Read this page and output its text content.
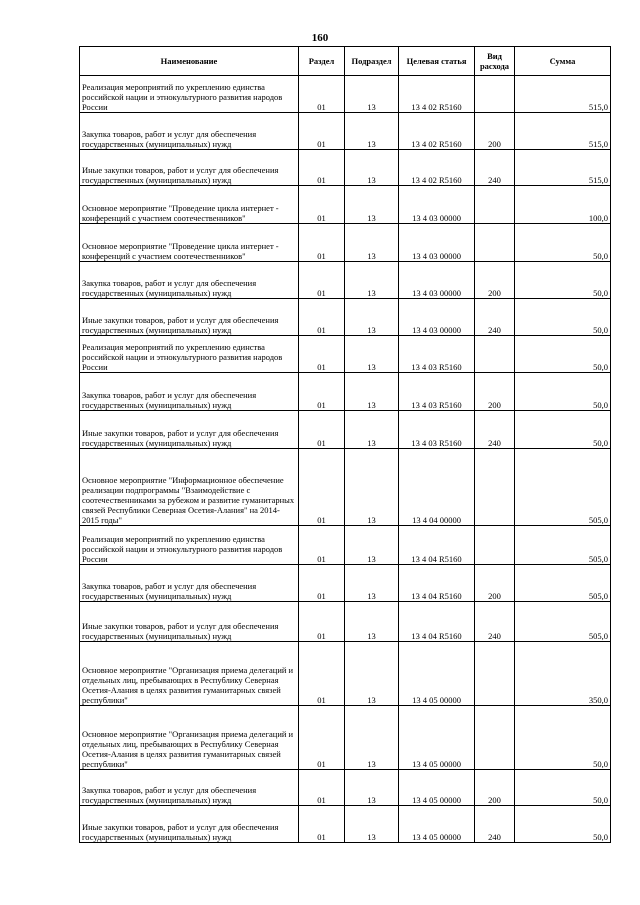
160
Наименование	Раздел	Подраздел	Целевая статья	Вид расхода	Сумма
Реализация мероприятий по укреплению единства российской нации и этнокультурного развития народов России	01	13	13 4 02 R5160		515,0
Закупка товаров, работ и услуг для обеспечения государственных (муниципальных) нужд	01	13	13 4 02 R5160	200	515,0
Иные закупки товаров, работ и услуг для обеспечения государственных (муниципальных) нужд	01	13	13 4 02 R5160	240	515,0
Основное мероприятие "Проведение цикла интернет - конференций с участием соотечественников"	01	13	13 4 03 00000		100,0
Основное мероприятие "Проведение цикла интернет - конференций с участием соотечественников"	01	13	13 4 03 00000		50,0
Закупка товаров, работ и услуг для обеспечения государственных (муниципальных) нужд	01	13	13 4 03 00000	200	50,0
Иные закупки товаров, работ и услуг для обеспечения государственных (муниципальных) нужд	01	13	13 4 03 00000	240	50,0
Реализация мероприятий по укреплению единства российской нации и этнокультурного развития народов России	01	13	13 4 03 R5160		50,0
Закупка товаров, работ и услуг для обеспечения государственных (муниципальных) нужд	01	13	13 4 03 R5160	200	50,0
Иные закупки товаров, работ и услуг для обеспечения государственных (муниципальных) нужд	01	13	13 4 03 R5160	240	50,0
Основное мероприятие "Информационное обеспечение реализации подпрограммы "Взаимодействие с соотечественниками за рубежом и развитие гуманитарных связей Республики Северная Осетия-Алания" на 2014-2015 годы"	01	13	13 4 04 00000		505,0
Реализация мероприятий по укреплению единства российской нации и этнокультурного развития народов России	01	13	13 4 04 R5160		505,0
Закупка товаров, работ и услуг для обеспечения государственных (муниципальных) нужд	01	13	13 4 04 R5160	200	505,0
Иные закупки товаров, работ и услуг для обеспечения государственных (муниципальных) нужд	01	13	13 4 04 R5160	240	505,0
Основное мероприятие "Организация приема делегаций и отдельных лиц, пребывающих в Республику Северная Осетия-Алания в целях развития гуманитарных связей республики"	01	13	13 4 05 00000		350,0
Основное мероприятие "Организация приема делегаций и отдельных лиц, пребывающих в Республику Северная Осетия-Алания в целях развития гуманитарных связей республики"	01	13	13 4 05 00000		50,0
Закупка товаров, работ и услуг для обеспечения государственных (муниципальных) нужд	01	13	13 4 05 00000	200	50,0
Иные закупки товаров, работ и услуг для обеспечения государственных (муниципальных) нужд	01	13	13 4 05 00000	240	50,0
